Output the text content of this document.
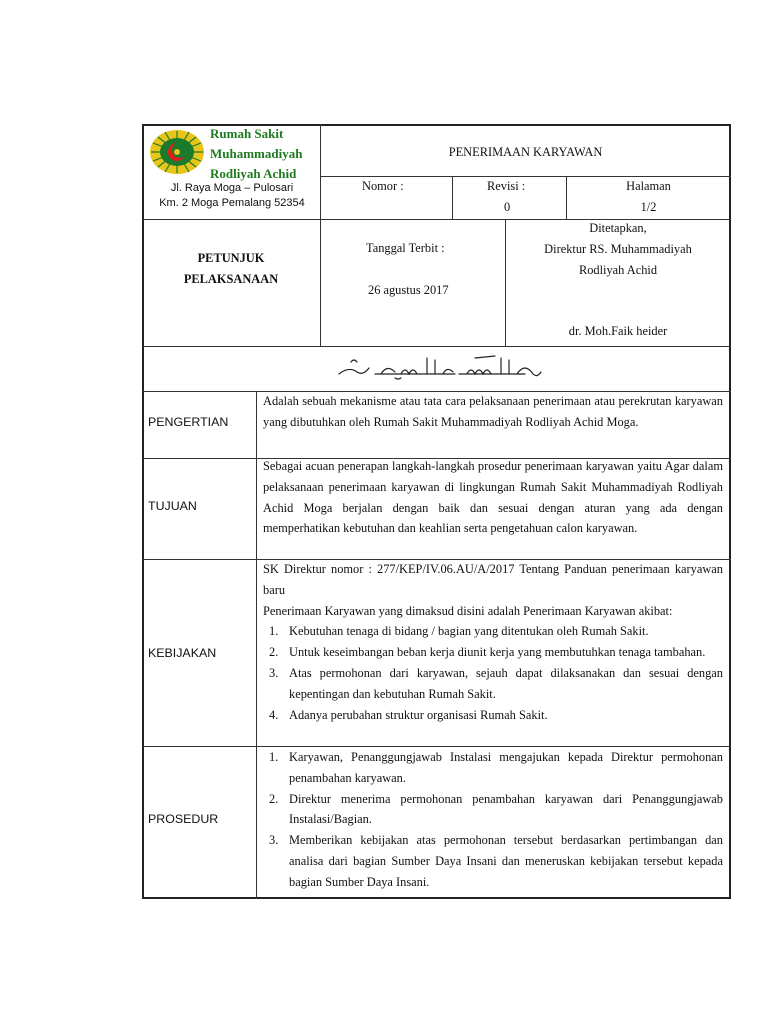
Rumah Sakit
Muhammadiyah
Rodliyah Achid
Jl. Raya Moga – Pulosari
Km. 2 Moga Pemalang 52354
PENERIMAAN KARYAWAN
Nomor :	Revisi :
0
Halaman
1/2
PETUNJUK
PELAKSANAAN
Tanggal Terbit :
26 agustus 2017
Ditetapkan,
Direktur RS. Muhammadiyah
Rodliyah Achid
dr. Moh.Faik heider
PENGERTIAN
Adalah sebuah mekanisme atau tata cara pelaksanaan penerimaan atau perekrutan karyawan yang dibutuhkan oleh Rumah Sakit Muhammadiyah Rodliyah Achid Moga.
TUJUAN
Sebagai acuan penerapan langkah-langkah prosedur penerimaan karyawan yaitu Agar dalam pelaksanaan penerimaan karyawan di lingkungan Rumah Sakit Muhammadiyah Rodliyah Achid Moga berjalan dengan baik dan sesuai dengan aturan yang ada dengan memperhatikan kebutuhan dan keahlian serta pengetahuan calon karyawan.
KEBIJAKAN
SK Direktur nomor : 277/KEP/IV.06.AU/A/2017 Tentang Panduan penerimaan karyawan baru
Penerimaan Karyawan yang dimaksud disini adalah Penerimaan Karyawan akibat:
1. Kebutuhan tenaga di bidang / bagian yang ditentukan oleh Rumah Sakit.
2. Untuk keseimbangan beban kerja diunit kerja yang membutuhkan tenaga tambahan.
3. Atas permohonan dari karyawan, sejauh dapat dilaksanakan dan sesuai dengan kepentingan dan kebutuhan Rumah Sakit.
4. Adanya perubahan struktur organisasi Rumah Sakit.
PROSEDUR
1. Karyawan, Penanggungjawab Instalasi mengajukan kepada Direktur permohonan penambahan karyawan.
2. Direktur menerima permohonan penambahan karyawan dari Penanggungjawab Instalasi/Bagian.
3. Memberikan kebijakan atas permohonan tersebut berdasarkan pertimbangan dan analisa dari bagian Sumber Daya Insani dan meneruskan kebijakan tersebut kepada bagian Sumber Daya Insani.
